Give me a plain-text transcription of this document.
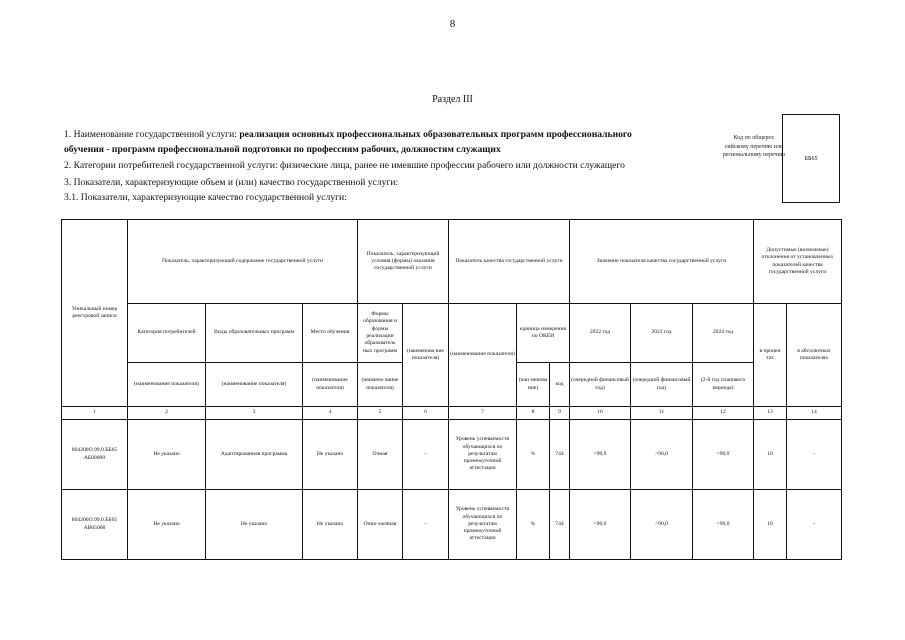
8
Раздел III
1. Наименование государственной услуги: реализация основных профессиональных образовательных программ профессионального
обучения - программ профессиональной подготовки по профессиям рабочих, должностям служащих
2. Категории потребителей государственной услуги: физические лица, ранее не имевшие профессии рабочего или должности служащего
3. Показатели, характеризующие объем и (или) качество государственной услуги:
3.1. Показатели, характеризующие качество государственной услуги:
Код по общерос сийскому перечню или региональному перечню
ББ65
Уникальный номер реестровой записи	Показатель, характеризующий содержание государственной услуги			Показатель, характеризующий условия (формы) оказания государственной услуги		Показатель качества государственной услуги			Значение показателя качества государственной услуги			Допустимые (возможные) отклонения от установленных показателей качества государственной услуги	
	Категория потребителей	Виды образовательных программ	Место обучения	Формы образования и формы реализации образователь ных программ	(наименова ние показателя)	(наименование показателя)	единица измерения по ОКЕИ		2022 год	2023 год	2024 год	в процен тах	в абсолютных показателях
	(наименование показателя)	(наименование показателя)	(наименование показателя)	(наимено вание показателя)			(наи менова ние)	код	(очередной финансовый год)	(очередной финансовый год)	(2-й год планового периода)		
1	2	3	4	5	6	7	8	9	10	11	12	13	14
804200О.99.0.ББ65 АБ00000	Не указано	Адаптированная программа	Не указано	Очная	-	Уровень успеваемости обучающихся по результатам промежуточной аттестации	%	744	>90,0	>90,0	>90,0	10	-
804200О.99.0.ББ65 АВ05000	Не указано	Не указано	Не указано	Очно-заочная	-	Уровень успеваемости обучающихся по результатам промежуточной аттестации	%	744	>90,0	>90,0	>90,0	10	-
